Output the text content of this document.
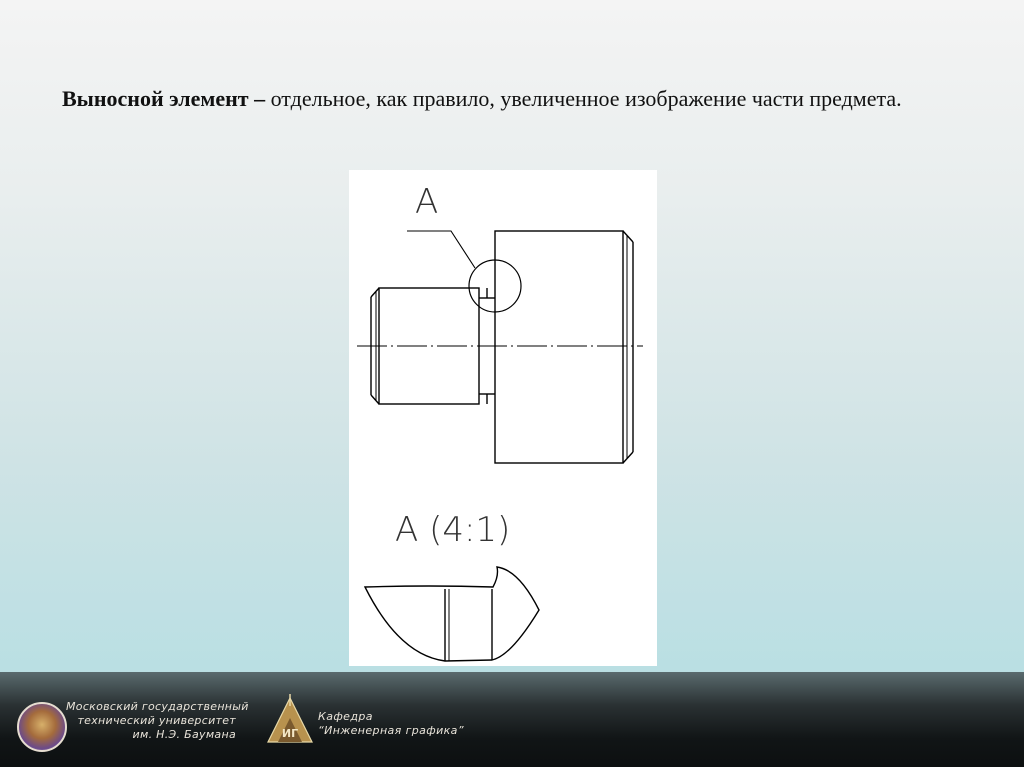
Выносной элемент – отдельное, как правило, увеличенное изображение части предмета.
A
A (4:1)
Московский государственный
технический университет
им. Н.Э. Баумана	ИГ
Кафедра
“Инженерная графика”
